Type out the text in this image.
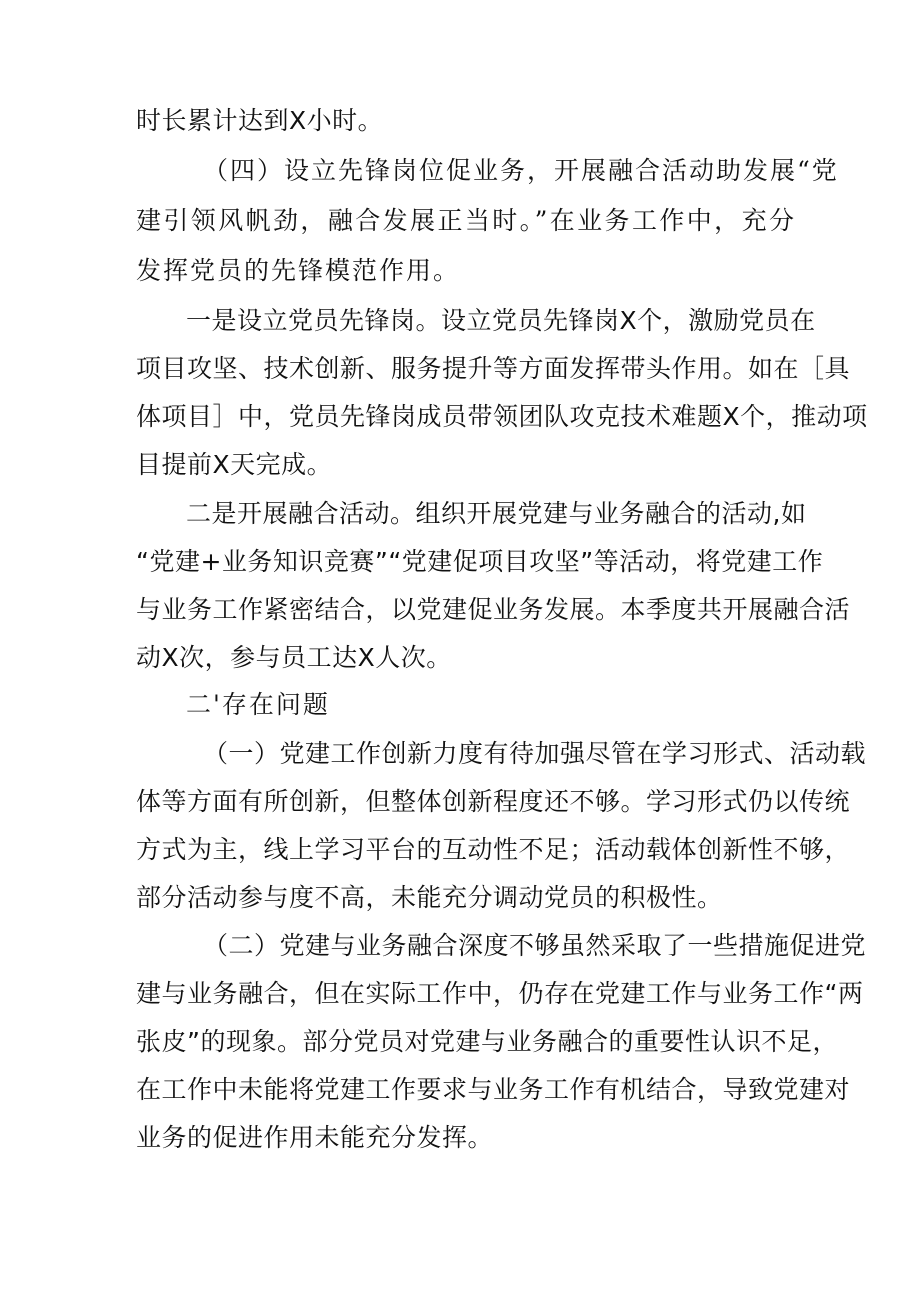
时长累计达到X小时。
（四）设立先锋岗位促业务，开展融合活动助发展“党
建引领风帆劲，融合发展正当时。”在业务工作中，充分
发挥党员的先锋模范作用。
一是设立党员先锋岗。设立党员先锋岗X个，激励党员在
项目攻坚、技术创新、服务提升等方面发挥带头作用。如在［具
体项目］中，党员先锋岗成员带领团队攻克技术难题X个，推动项
目提前X天完成。
二是开展融合活动。组织开展党建与业务融合的活动,如
“党建+业务知识竞赛”“党建促项目攻坚”等活动，将党建工作
与业务工作紧密结合，以党建促业务发展。本季度共开展融合活
动X次，参与员工达X人次。
二'存在问题
（一）党建工作创新力度有待加强尽管在学习形式、活动载
体等方面有所创新，但整体创新程度还不够。学习形式仍以传统
方式为主，线上学习平台的互动性不足；活动载体创新性不够，
部分活动参与度不高，未能充分调动党员的积极性。
（二）党建与业务融合深度不够虽然采取了一些措施促进党
建与业务融合，但在实际工作中，仍存在党建工作与业务工作“两
张皮”的现象。部分党员对党建与业务融合的重要性认识不足，
在工作中未能将党建工作要求与业务工作有机结合，导致党建对
业务的促进作用未能充分发挥。
